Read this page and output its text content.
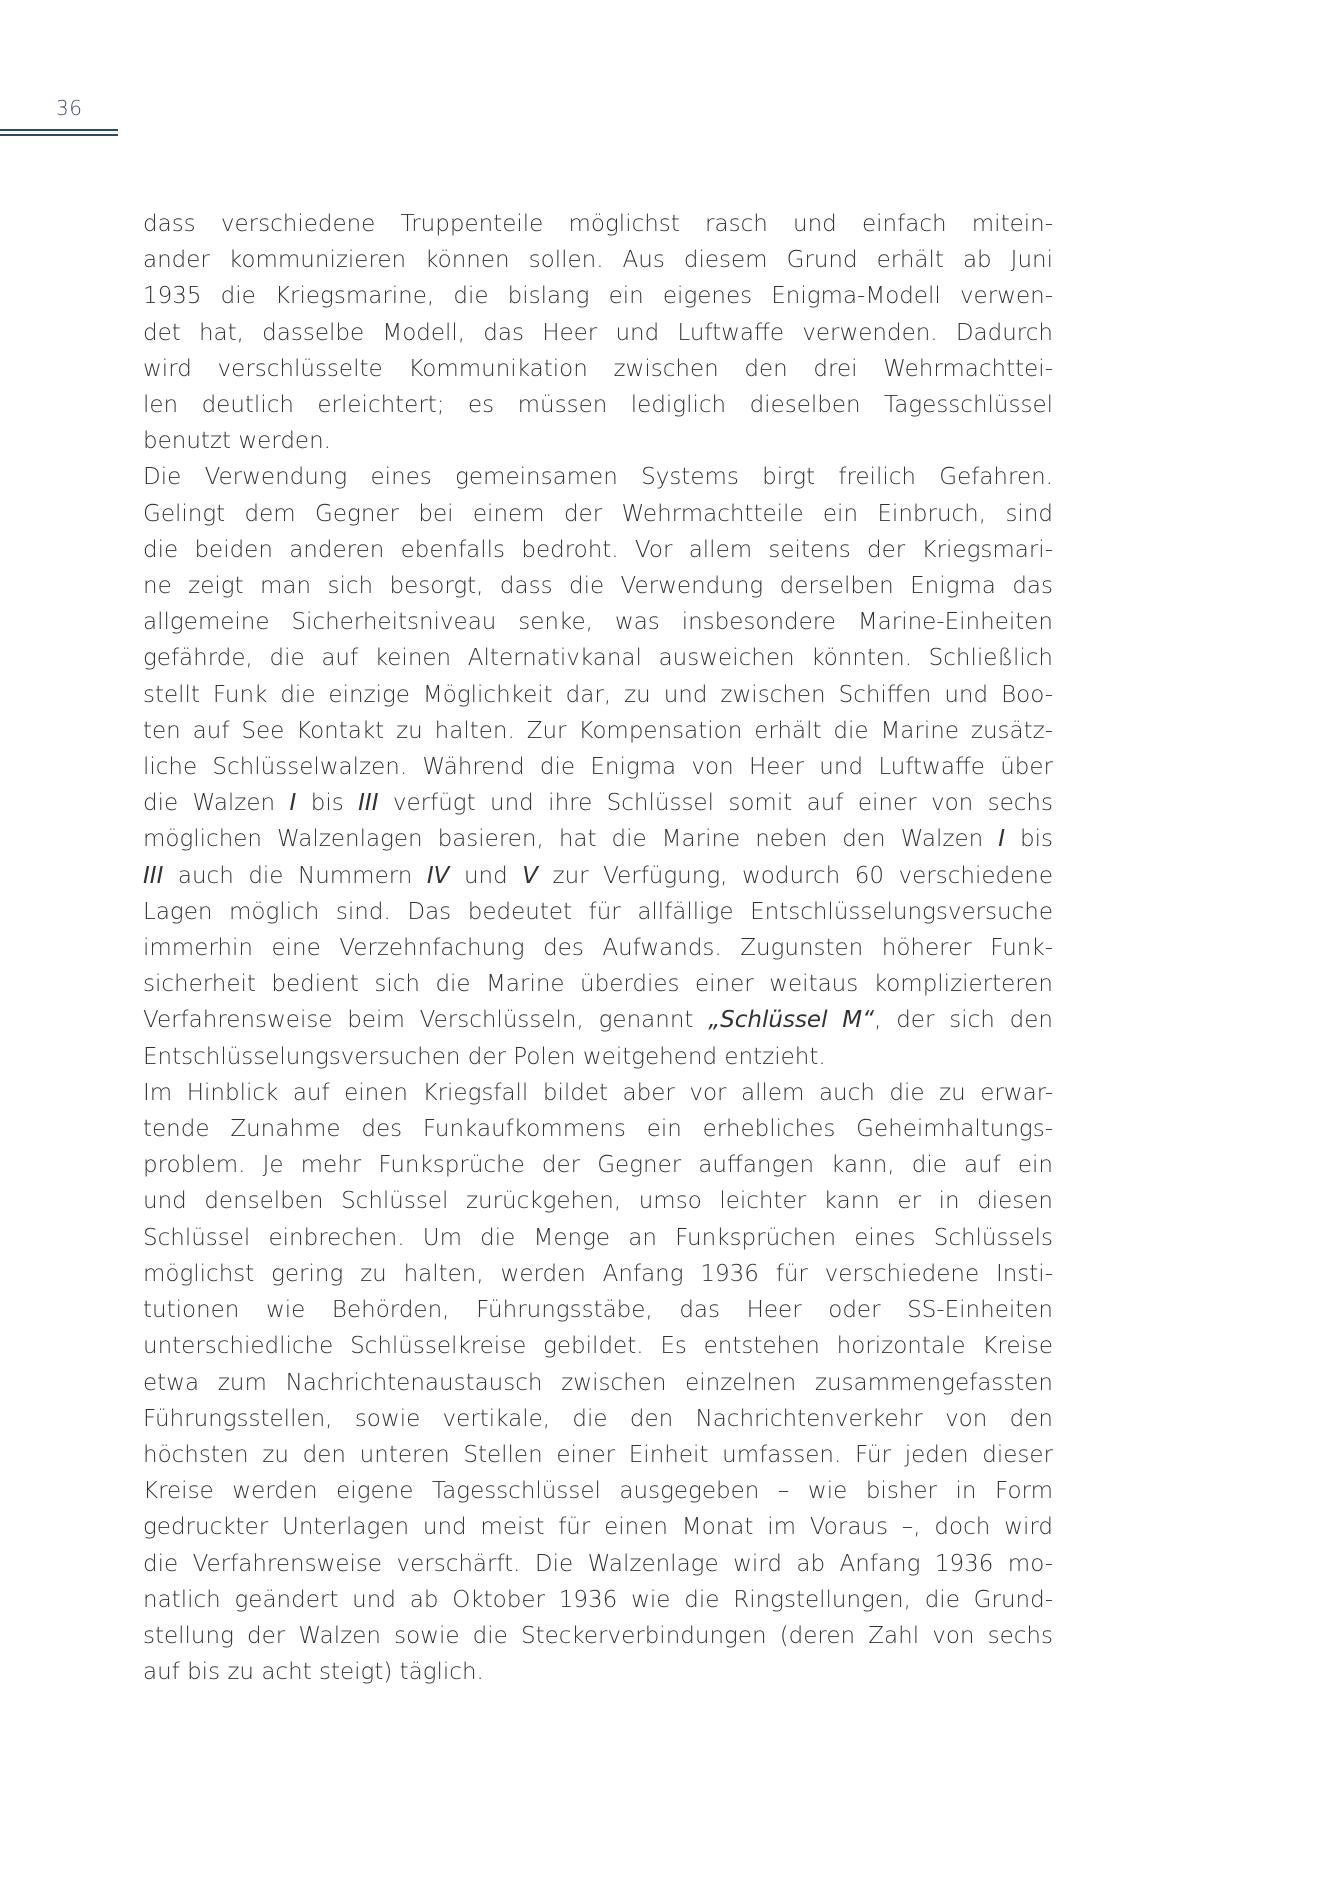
36
dass verschiedene Truppenteile möglichst rasch und einfach mitein-
ander kommunizieren können sollen. Aus diesem Grund erhält ab Juni
1935 die Kriegsmarine, die bislang ein eigenes Enigma-Modell verwen-
det hat, dasselbe Modell, das Heer und Luftwaffe verwenden. Dadurch
wird verschlüsselte Kommunikation zwischen den drei Wehrmachttei-
len deutlich erleichtert; es müssen lediglich dieselben Tagesschlüssel
benutzt werden.
Die Verwendung eines gemeinsamen Systems birgt freilich Gefahren.
Gelingt dem Gegner bei einem der Wehrmachtteile ein Einbruch, sind
die beiden anderen ebenfalls bedroht. Vor allem seitens der Kriegsmari-
ne zeigt man sich besorgt, dass die Verwendung derselben Enigma das
allgemeine Sicherheitsniveau senke, was insbesondere Marine-Einheiten
gefährde, die auf keinen Alternativkanal ausweichen könnten. Schließlich
stellt Funk die einzige Möglichkeit dar, zu und zwischen Schiffen und Boo-
ten auf See Kontakt zu halten. Zur Kompensation erhält die Marine zusätz-
liche Schlüsselwalzen. Während die Enigma von Heer und Luftwaffe über
die Walzen I bis III verfügt und ihre Schlüssel somit auf einer von sechs
möglichen Walzenlagen basieren, hat die Marine neben den Walzen I bis
III auch die Nummern IV und V zur Verfügung, wodurch 60 verschiedene
Lagen möglich sind. Das bedeutet für allfällige Entschlüsselungsversuche
immerhin eine Verzehnfachung des Aufwands. Zugunsten höherer Funk-
sicherheit bedient sich die Marine überdies einer weitaus komplizierteren
Verfahrensweise beim Verschlüsseln, genannt „Schlüssel M“, der sich den
Entschlüsselungsversuchen der Polen weitgehend entzieht.
Im Hinblick auf einen Kriegsfall bildet aber vor allem auch die zu erwar-
tende Zunahme des Funkaufkommens ein erhebliches Geheimhaltungs-
problem. Je mehr Funksprüche der Gegner auffangen kann, die auf ein
und denselben Schlüssel zurückgehen, umso leichter kann er in diesen
Schlüssel einbrechen. Um die Menge an Funksprüchen eines Schlüssels
möglichst gering zu halten, werden Anfang 1936 für verschiedene Insti-
tutionen wie Behörden, Führungsstäbe, das Heer oder SS-Einheiten
unterschiedliche Schlüsselkreise gebildet. Es entstehen horizontale Kreise
etwa zum Nachrichtenaustausch zwischen einzelnen zusammengefassten
Führungsstellen, sowie vertikale, die den Nachrichtenverkehr von den
höchsten zu den unteren Stellen einer Einheit umfassen. Für jeden dieser
Kreise werden eigene Tagesschlüssel ausgegeben – wie bisher in Form
gedruckter Unterlagen und meist für einen Monat im Voraus –, doch wird
die Verfahrensweise verschärft. Die Walzenlage wird ab Anfang 1936 mo-
natlich geändert und ab Oktober 1936 wie die Ringstellungen, die Grund-
stellung der Walzen sowie die Steckerverbindungen (deren Zahl von sechs
auf bis zu acht steigt) täglich.
